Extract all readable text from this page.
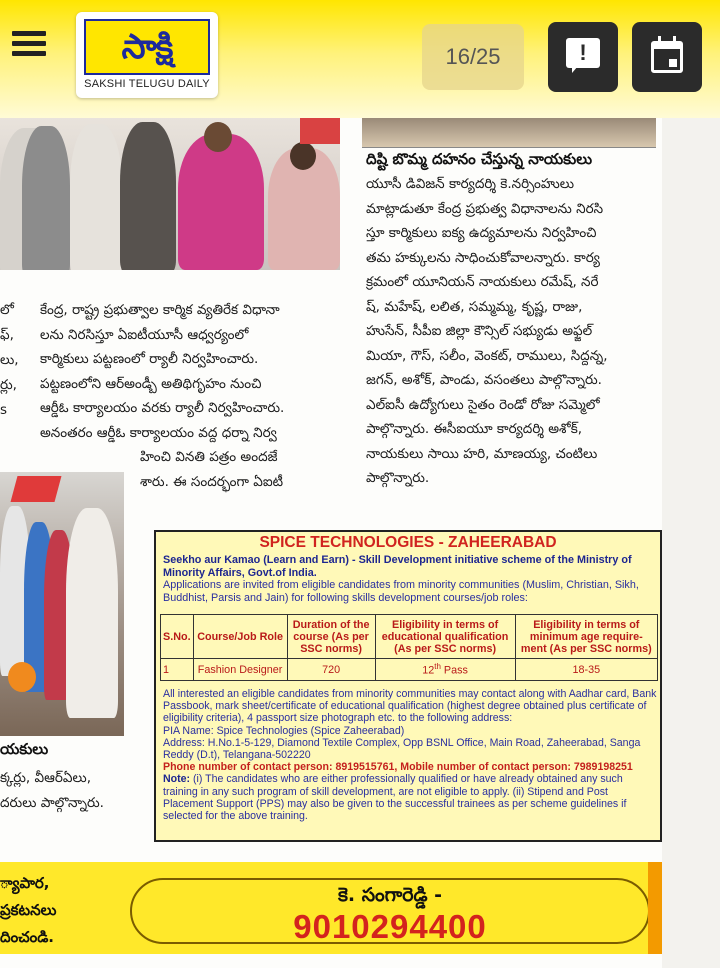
దిష్టి బొమ్మ దహనం చేస్తున్న నాయకులు
యూసీ డివిజన్ కార్యదర్శి కె.నర్సింహులు
మాట్లాడుతూ కేంద్ర ప్రభుత్వ విధానాలను నిరసి
స్తూ కార్మికులు ఐక్య ఉద్యమాలను నిర్వహించి
తమ హక్కులను సాధించుకోవాలన్నారు. కార్య
క్రమంలో యూనియన్ నాయకులు రమేష్, నరే
ష్, మహేష్, లలిత, సమ్మమ్మ, కృష్ణ, రాజు,
హుసేన్, సీపీఐ జిల్లా కౌన్సిల్ సభ్యుడు అఫ్జల్
మియా, గౌస్, సలీం, వెంకట్, రాములు, సిద్దన్న,
జగన్, అశోక్, పాండు, వసంతలు పాల్గొన్నారు.
ఎల్ఐసీ ఉద్యోగులు సైతం రెండో రోజు సమ్మెలో
పాల్గొన్నారు. ఈసీఐయూ కార్యదర్శి అశోక్,
నాయకులు సాయి హరి, మాణయ్య, చంటిలు
పాల్గొన్నారు.
లో
ఫ్,
లు,
ర్లు,
s
కేంద్ర, రాష్ట్ర ప్రభుత్వాల కార్మిక వ్యతిరేక విధానా
లను నిరసిస్తూ ఏఐటీయూసీ ఆధ్వర్యంలో
కార్మికులు పట్టణంలో ర్యాలీ నిర్వహించారు.
పట్టణంలోని ఆర్అండ్బీ అతిథిగృహం నుంచి
ఆర్డీఓ కార్యాలయం వరకు ర్యాలీ నిర్వహించారు.
అనంతరం ఆర్డీఓ కార్యాలయం వద్ద ధర్నా నిర్వ
హించి వినతి పత్రం అందజే
శారు. ఈ సందర్భంగా ఏఐటీ
యకులు
క్కర్లు, వీఆర్ఏలు,
దరులు పాల్గొన్నారు.
SPICE TECHNOLOGIES - ZAHEERABAD
Seekho aur Kamao (Learn and Earn) - Skill Development initiative scheme of the Ministry of Minority Affairs, Govt.of India.
Applications are invited from eligible candidates from minority communities (Muslim, Christian, Sikh, Buddhist, Parsis and Jain) for following skills development courses/job roles:
S.No.	Course/Job Role	Duration of the course (As per SSC norms)	Eligibility in terms of educational qualification (As per SSC norms)	Eligibility in terms of minimum age require-ment (As per SSC norms)
1	Fashion Designer	720	12th Pass	18-35
All interested an eligible candidates from minority communities may contact along with Aadhar card, Bank Passbook, mark sheet/certificate of educational qualification (highest degree obtained plus certificate of eligibility criteria), 4 passport size photograph etc. to the following address:
PIA Name: Spice Technologies (Spice Zaheerabad)
Address: H.No.1-5-129, Diamond Textile Complex, Opp BSNL Office, Main Road, Zaheerabad, Sanga Reddy (D.t), Telangana-502220
Phone number of contact person: 8919515761, Mobile number of contact person: 7989198251
Note: (i) The candidates who are either professionally qualified or have already obtained any such training in any such program of skill development, are not eligible to apply. (ii) Stipend and Post Placement Support (PPS) may also be given to the successful trainees as per scheme guidelines if selected for the above training.
్యాపార,
ప్రకటనలు
దించండి.
కె. సంగారెడ్డి -
9010294400
సాక్షి
SAKSHI TELUGU DAILY
16/25	!
